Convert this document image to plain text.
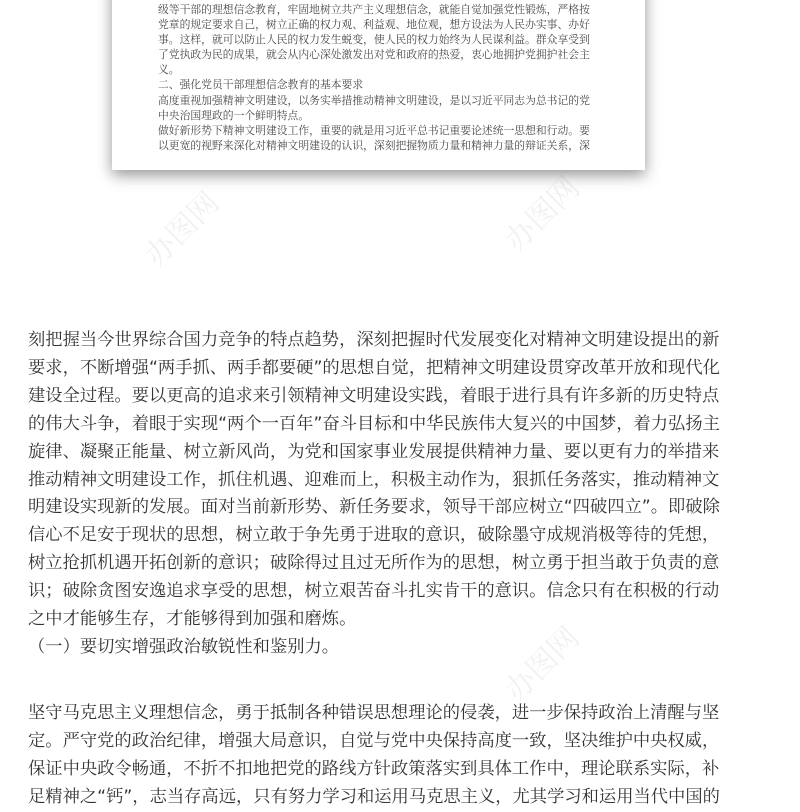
级等干部的理想信念教育，牢固地树立共产主义理想信念，就能自觉加强党性锻炼，严格按

党章的规定要求自己，树立正确的权力观、利益观、地位观，想方设法为人民办实事、办好

事。这样，就可以防止人民的权力发生蜕变，使人民的权力始终为人民谋利益。群众享受到

了党执政为民的成果，就会从内心深处激发出对党和政府的热爱，衷心地拥护党拥护社会主

义。

二、强化党员干部理想信念教育的基本要求

高度重视加强精神文明建设，以务实举措推动精神文明建设，是以习近平同志为总书记的党

中央治国理政的一个鲜明特点。

做好新形势下精神文明建设工作，重要的就是用习近平总书记重要论述统一思想和行动。要

以更宽的视野来深化对精神文明建设的认识，深刻把握物质力量和精神力量的辩证关系，深

办图网	办图网
办图网

刻把握当今世界综合国力竞争的特点趋势，深刻把握时代发展变化对精神文明建设提出的新

要求，不断增强“两手抓、两手都要硬”的思想自觉，把精神文明建设贯穿改革开放和现代化

建设全过程。要以更高的追求来引领精神文明建设实践，着眼于进行具有许多新的历史特点

的伟大斗争，着眼于实现“两个一百年”奋斗目标和中华民族伟大复兴的中国梦，着力弘扬主

旋律、凝聚正能量、树立新风尚，为党和国家事业发展提供精神力量、要以更有力的举措来

推动精神文明建设工作，抓住机遇、迎难而上，积极主动作为，狠抓任务落实，推动精神文

明建设实现新的发展。面对当前新形势、新任务要求，领导干部应树立“四破四立”。即破除

信心不足安于现状的思想，树立敢于争先勇于进取的意识，破除墨守成规消极等待的凭想，

树立抢抓机遇开拓创新的意识；破除得过且过无所作为的思想，树立勇于担当敢于负责的意

识；破除贪图安逸追求享受的思想，树立艰苦奋斗扎实肯干的意识。信念只有在积极的行动

之中才能够生存，才能够得到加强和磨炼。

（一）要切实增强政治敏锐性和鉴别力。

坚守马克思主义理想信念，勇于抵制各种错误思想理论的侵袭，进一步保持政治上清醒与坚

定。严守党的政治纪律，增强大局意识，自觉与党中央保持高度一致，坚决维护中央权威，

保证中央政令畅通，不折不扣地把党的路线方针政策落实到具体工作中，理论联系实际，补

足精神之“钙”，志当存高远，只有努力学习和运用马克思主义，尤其学习和运用当代中国的
